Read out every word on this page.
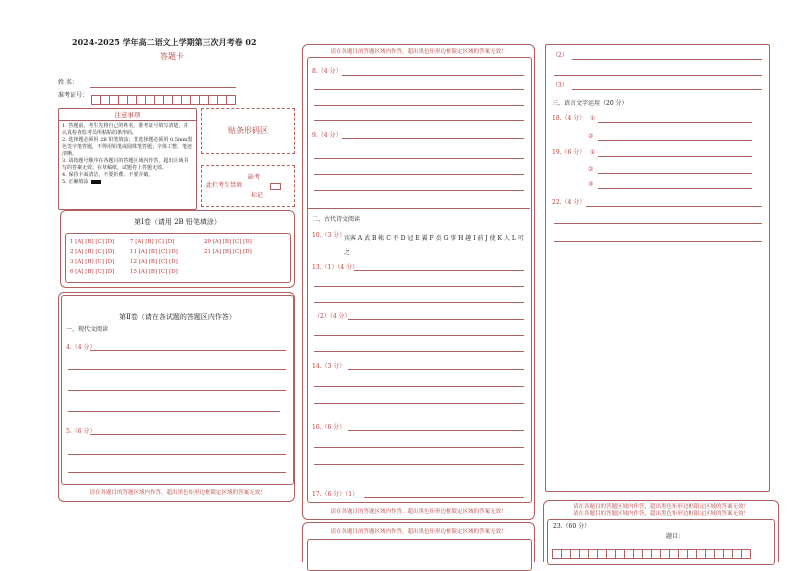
2024-2025 学年高二语文上学期第三次月考卷 02
答题卡
姓 名：
准考证号：
注意事项
1. 答题前，考生先将自己的姓名，准考证号填写清楚，并认真检查监考员所粘贴的条形码。
2. 选择题必须用 2B 铅笔填涂；非选择题必须用 0.5mm黑色签字笔答题，不得用铅笔或圆珠笔答题；字体工整、笔迹清晰。
3. 请按题号顺序在各题目的答题区域内作答，超出区域书写的答案无效；在草稿纸、试题卷上答题无效。
4. 保持卡面清洁，不要折叠、不要弄破。
5. 正确填涂
贴条形码区
缺考
此栏考生禁填
标记
第Ⅰ卷（请用 2B 铅笔填涂）
1 [A] [B] [C] [D]
2 [A] [B] [C] [D]
3 [A] [B] [C] [D]
6 [A] [B] [C] [D]
7 [A] [B] [C] [D]
11 [A] [B] [C] [D]
12 [A] [B] [C] [D]
15 [A] [B] [C] [D]
20 [A] [B] [C] [D]
21 [A] [B] [C] [D]
第Ⅱ卷（请在各试题的答题区内作答）
一、现代文阅读
4.（4 分）
5.（6 分）
请在各题目的答题区域内作答，超出黑色矩形边框限定区域的答案无效！
请在各题目的答题区域内作答，超出黑色矩形边框限定区域的答案无效！
8.（4 分）
9.（4 分）
二、古代诗文阅读
10.（3 分）
宾客 A 武 B 帐 C 不 D 冠 E 翼 F 贲 G 事 H 趣 I 前 J 使 K 人 L 可之
13.（1）（4 分）
（2）（4 分）
14.（3 分）
16.（6 分）
17.（6 分）（1）
请在各题目的答题区域内作答，超出黑色矩形边框限定区域的答案无效！
请在各题目的答题区域内作答，超出黑色矩形边框限定区域的答案无效！
（2）
（3）
三、语言文字运用（20 分）
18.（4 分） ①
②
19.（6 分） ①
②
③
22.（4 分）
请在各题目的答题区域内作答，超出黑色矩形边框限定区域的答案无效！
请在各题目的答题区域内作答，超出黑色矩形边框限定区域的答案无效！
23.（60 分）
题目：
